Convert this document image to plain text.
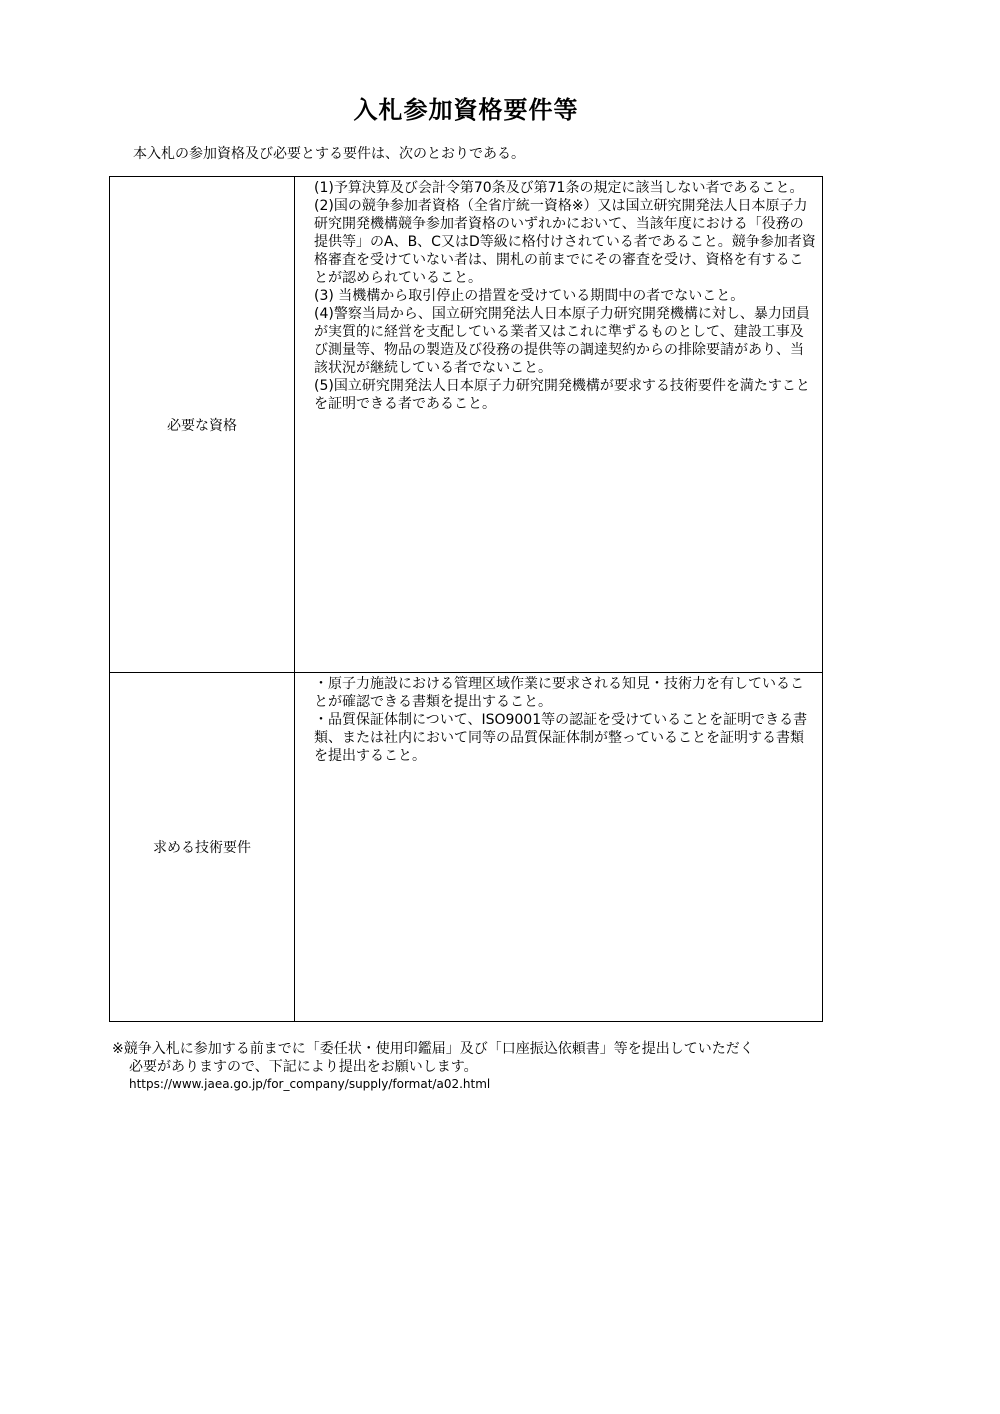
入札参加資格要件等
本入札の参加資格及び必要とする要件は、次のとおりである。
必要な資格	(1)予算決算及び会計令第70条及び第71条の規定に該当しない者であること。

(2)国の競争参加者資格（全省庁統一資格※）又は国立研究開発法人日本原子力研究開発機構競争参加者資格のいずれかにおいて、当該年度における「役務の提供等」のA、B、C又はD等級に格付けされている者であること。競争参加者資格審査を受けていない者は、開札の前までにその審査を受け、資格を有することが認められていること。

(3) 当機構から取引停止の措置を受けている期間中の者でないこと。

(4)警察当局から、国立研究開発法人日本原子力研究開発機構に対し、暴力団員が実質的に経営を支配している業者又はこれに準ずるものとして、建設工事及び測量等、物品の製造及び役務の提供等の調達契約からの排除要請があり、当該状況が継続している者でないこと。

(5)国立研究開発法人日本原子力研究開発機構が要求する技術要件を満たすことを証明できる者であること。

求める技術要件	・原子力施設における管理区域作業に要求される知見・技術力を有していることが確認できる書類を提出すること。

・品質保証体制について、ISO9001等の認証を受けていることを証明できる書類、または社内において同等の品質保証体制が整っていることを証明する書類を提出すること。

※競争入札に参加する前までに「委任状・使用印鑑届」及び「口座振込依頼書」等を提出していただく
必要がありますので、下記により提出をお願いします。
https://www.jaea.go.jp/for_company/supply/format/a02.html
